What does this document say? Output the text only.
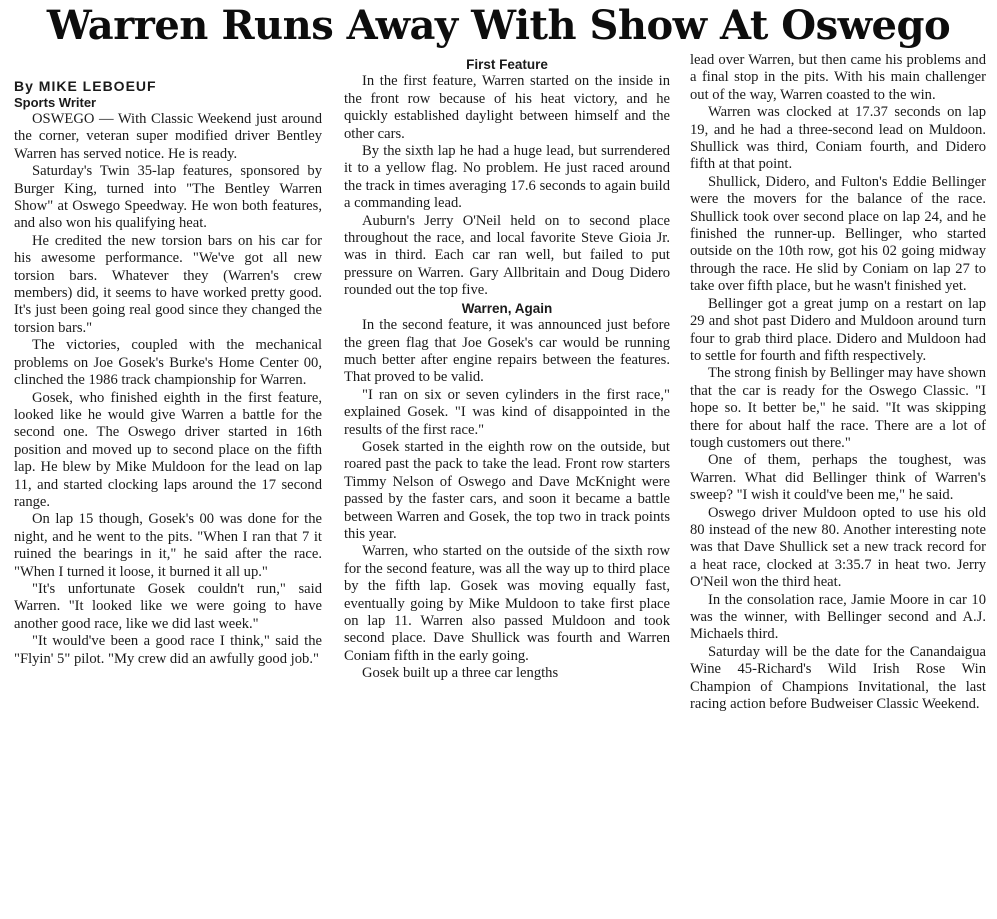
Warren Runs Away With Show At Oswego
By MIKE LEBOEUF
Sports Writer

OSWEGO — With Classic Weekend just around the corner, veteran super modified driver Bentley Warren has served notice. He is ready.

Saturday's Twin 35-lap features, sponsored by Burger King, turned into "The Bentley Warren Show" at Oswego Speedway. He won both features, and also won his qualifying heat.

He credited the new torsion bars on his car for his awesome performance. "We've got all new torsion bars. Whatever they (Warren's crew members) did, it seems to have worked pretty good. It's just been going real good since they changed the torsion bars."

The victories, coupled with the mechanical problems on Joe Gosek's Burke's Home Center 00, clinched the 1986 track championship for Warren.

Gosek, who finished eighth in the first feature, looked like he would give Warren a battle for the second one. The Oswego driver started in 16th position and moved up to second place on the fifth lap. He blew by Mike Muldoon for the lead on lap 11, and started clocking laps around the 17 second range.

On lap 15 though, Gosek's 00 was done for the night, and he went to the pits. "When I ran that 7 it ruined the bearings in it," he said after the race. "When I turned it loose, it burned it all up."

"It's unfortunate Gosek couldn't run," said Warren. "It looked like we were going to have another good race, like we did last week."

"It would've been a good race I think," said the "Flyin' 5" pilot. "My crew did an awfully good job."

First Feature

In the first feature, Warren started on the inside in the front row because of his heat victory, and he quickly established daylight between himself and the other cars.

By the sixth lap he had a huge lead, but surrendered it to a yellow flag. No problem. He just raced around the track in times averaging 17.6 seconds to again build a commanding lead.

Auburn's Jerry O'Neil held on to second place throughout the race, and local favorite Steve Gioia Jr. was in third. Each car ran well, but failed to put pressure on Warren. Gary Allbritain and Doug Didero rounded out the top five.

Warren, Again

In the second feature, it was announced just before the green flag that Joe Gosek's car would be running much better after engine repairs between the features. That proved to be valid.

"I ran on six or seven cylinders in the first race," explained Gosek. "I was kind of disappointed in the results of the first race."

Gosek started in the eighth row on the outside, but roared past the pack to take the lead. Front row starters Timmy Nelson of Oswego and Dave McKnight were passed by the faster cars, and soon it became a battle between Warren and Gosek, the top two in track points this year.

Warren, who started on the outside of the sixth row for the second feature, was all the way up to third place by the fifth lap. Gosek was moving equally fast, eventually going by Mike Muldoon to take first place on lap 11. Warren also passed Muldoon and took second place. Dave Shullick was fourth and Warren Coniam fifth in the early going.

Gosek built up a three car lengths

lead over Warren, but then came his problems and a final stop in the pits. With his main challenger out of the way, Warren coasted to the win.

Warren was clocked at 17.37 seconds on lap 19, and he had a three-second lead on Muldoon. Shullick was third, Coniam fourth, and Didero fifth at that point.

Shullick, Didero, and Fulton's Eddie Bellinger were the movers for the balance of the race. Shullick took over second place on lap 24, and he finished the runner-up. Bellinger, who started outside on the 10th row, got his 02 going midway through the race. He slid by Coniam on lap 27 to take over fifth place, but he wasn't finished yet.

Bellinger got a great jump on a restart on lap 29 and shot past Didero and Muldoon around turn four to grab third place. Didero and Muldoon had to settle for fourth and fifth respectively.

The strong finish by Bellinger may have shown that the car is ready for the Oswego Classic. "I hope so. It better be," he said. "It was skipping there for about half the race. There are a lot of tough customers out there."

One of them, perhaps the toughest, was Warren. What did Bellinger think of Warren's sweep? "I wish it could've been me," he said.

Oswego driver Muldoon opted to use his old 80 instead of the new 80. Another interesting note was that Dave Shullick set a new track record for a heat race, clocked at 3:35.7 in heat two. Jerry O'Neil won the third heat.

In the consolation race, Jamie Moore in car 10 was the winner, with Bellinger second and A.J. Michaels third.

Saturday will be the date for the Canandaigua Wine 45-Richard's Wild Irish Rose Win Champion of Champions Invitational, the last racing action before Budweiser Classic Weekend.
